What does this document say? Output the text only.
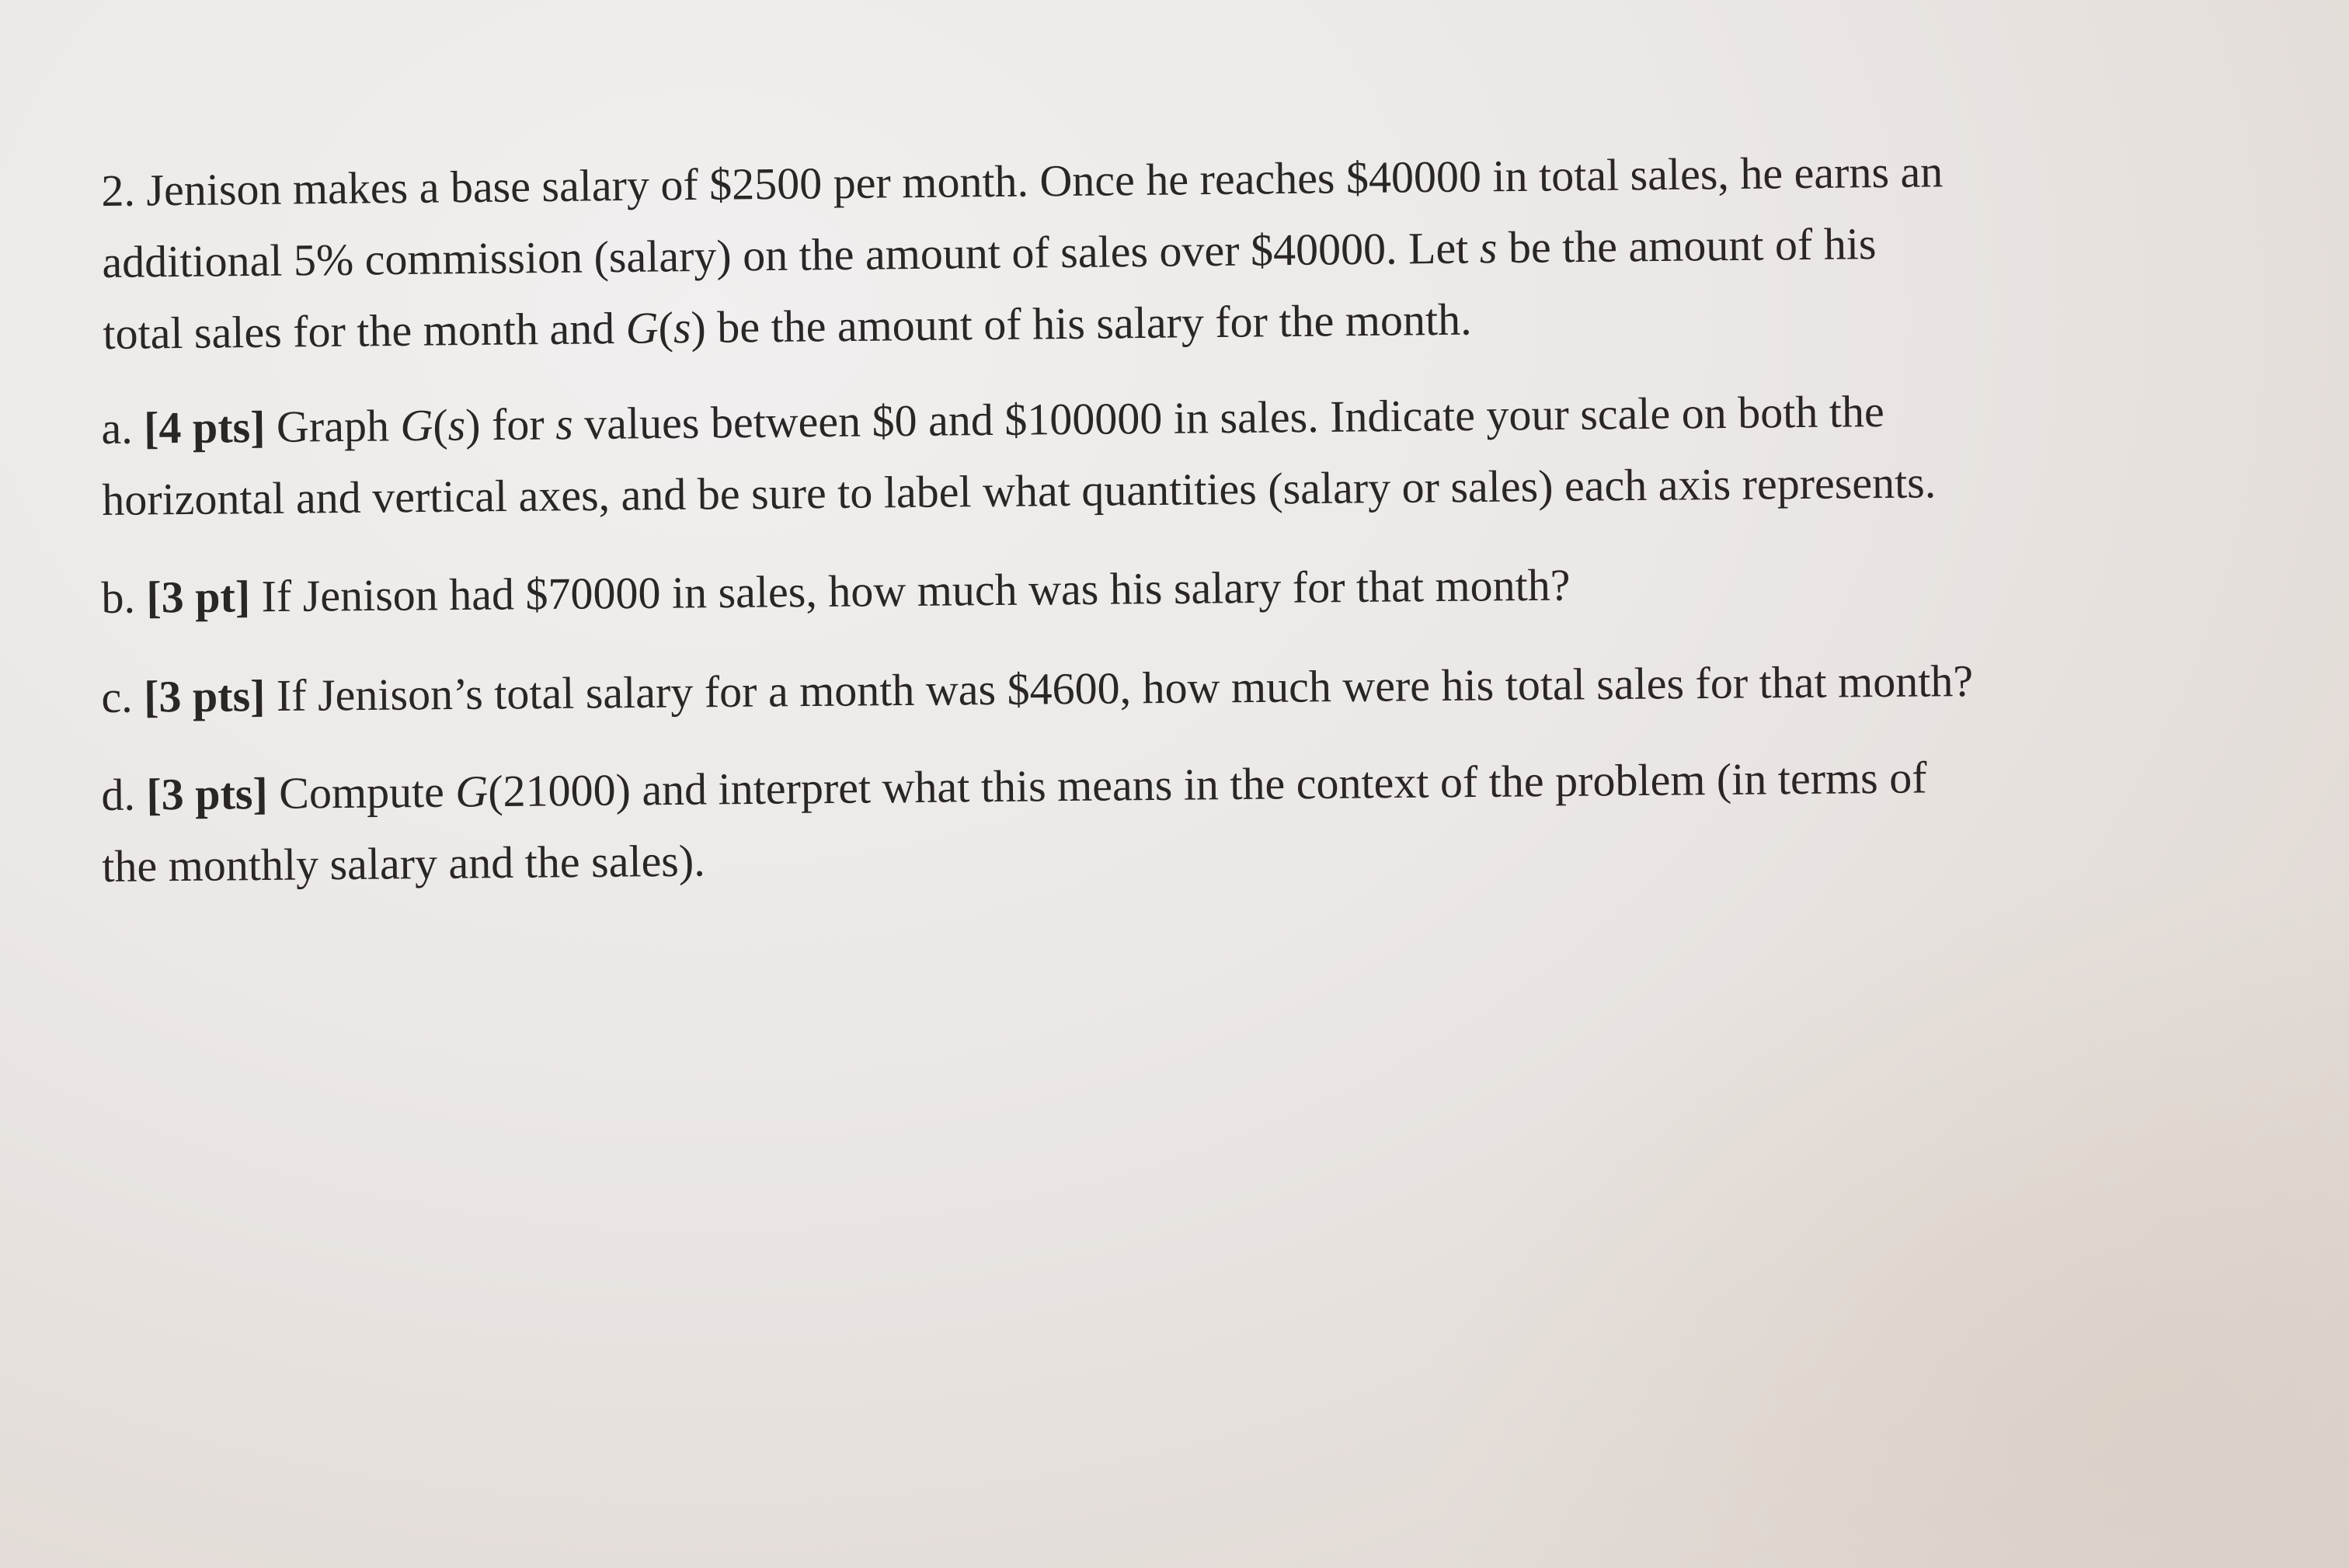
2. Jenison makes a base salary of $2500 per month. Once he reaches $40000 in total sales, he earns an
additional 5% commission (salary) on the amount of sales over $40000. Let s be the amount of his
total sales for the month and G(s) be the amount of his salary for the month.

a. [4 pts] Graph G(s) for s values between $0 and $100000 in sales. Indicate your scale on both the
horizontal and vertical axes, and be sure to label what quantities (salary or sales) each axis represents.

b. [3 pt] If Jenison had $70000 in sales, how much was his salary for that month?

c. [3 pts] If Jenison’s total salary for a month was $4600, how much were his total sales for that month?

d. [3 pts] Compute G(21000) and interpret what this means in the context of the problem (in terms of
the monthly salary and the sales).
